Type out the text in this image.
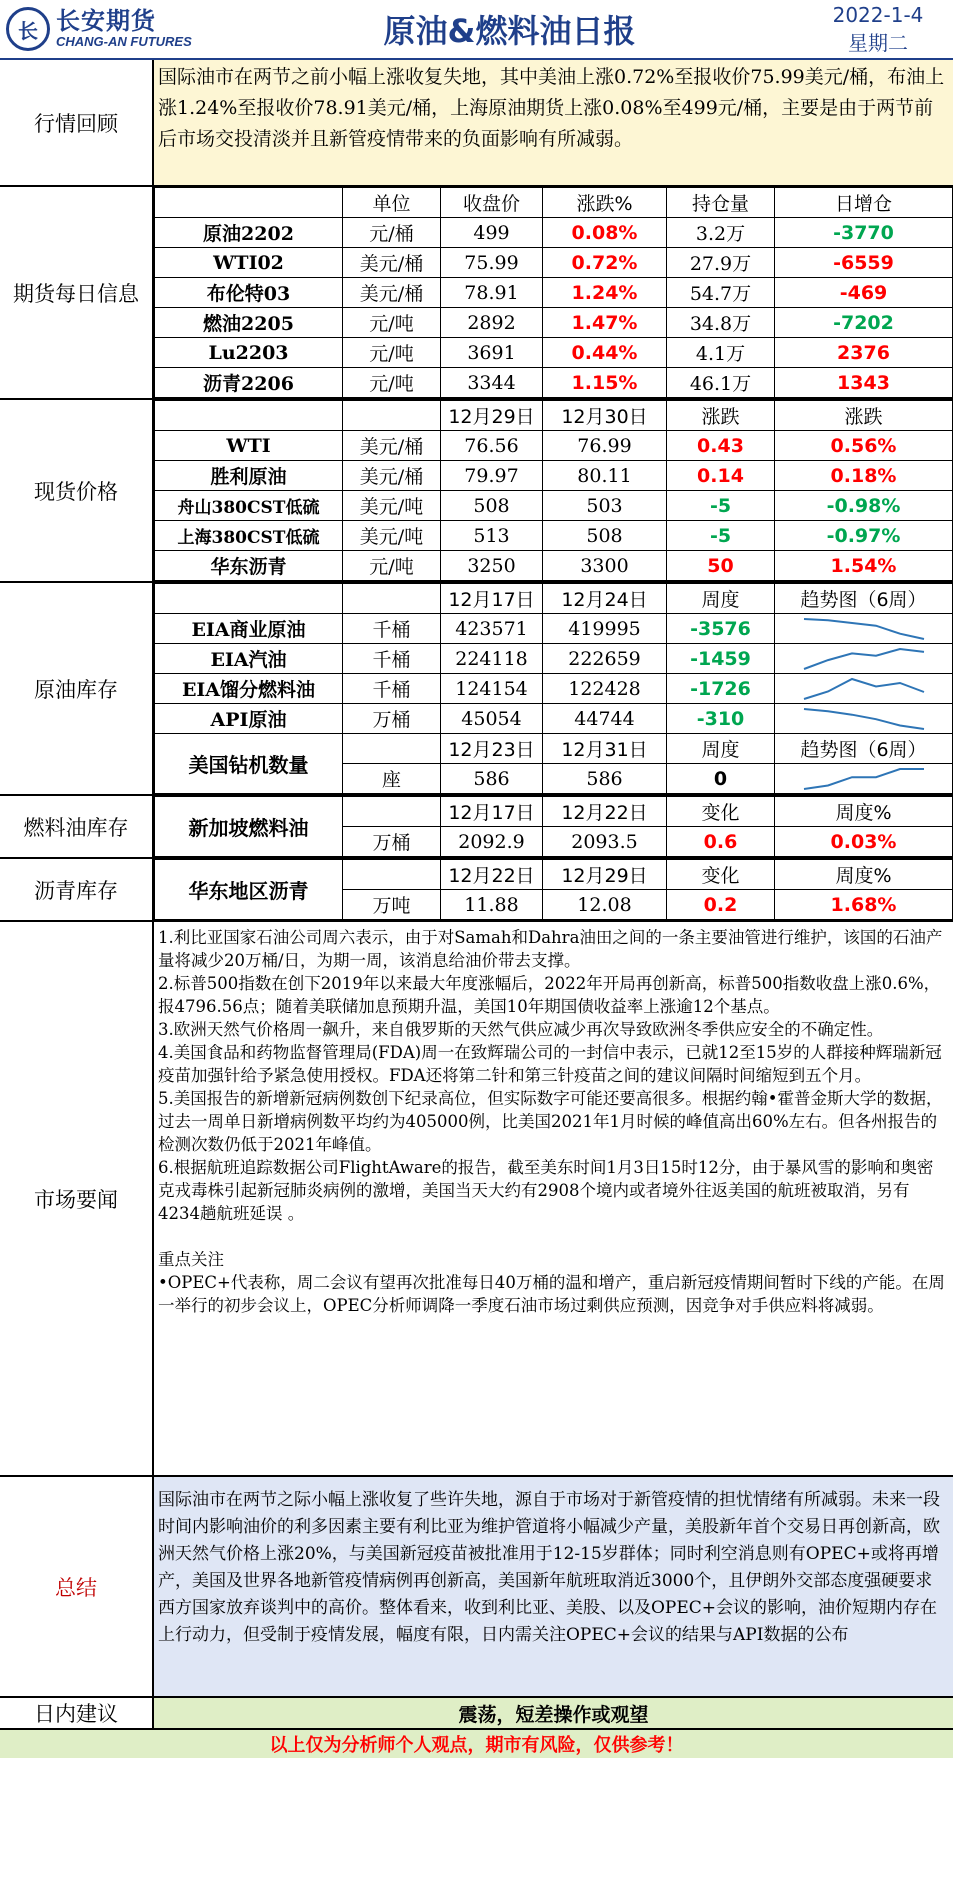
长 长安期货
CHANG-AN FUTURES	原油&燃料油日报	2022-1-4
星期二
行情回顾
国际油市在两节之前小幅上涨收复失地，其中美油上涨0.72%至报收价75.99美元/桶，布油上涨1.24%至报收价78.91美元/桶，上海原油期货上涨0.08%至499元/桶，主要是由于两节前后市场交投清淡并且新管疫情带来的负面影响有所减弱。
期货每日信息
	单位	收盘价	涨跌%	持仓量	日增仓
原油2202	元/桶	499	0.08%	3.2万	-3770
WTI02	美元/桶	75.99	0.72%	27.9万	-6559
布伦特03	美元/桶	78.91	1.24%	54.7万	-469
燃油2205	元/吨	2892	1.47%	34.8万	-7202
Lu2203	元/吨	3691	0.44%	4.1万	2376
沥青2206	元/吨	3344	1.15%	46.1万	1343
现货价格
		12月29日	12月30日	涨跌	涨跌
WTI	美元/桶	76.56	76.99	0.43	0.56%
胜利原油	美元/桶	79.97	80.11	0.14	0.18%
舟山380CST低硫	美元/吨	508	503	-5	-0.98%
上海380CST低硫	美元/吨	513	508	-5	-0.97%
华东沥青	元/吨	3250	3300	50	1.54%
原油库存
		12月17日	12月24日	周度	趋势图（6周）
EIA商业原油	千桶	423571	419995	-3576	

EIA汽油	千桶	224118	222659	-1459	

EIA馏分燃料油	千桶	124154	122428	-1726	

API原油	万桶	45054	44744	-310	

美国钻机数量		12月23日	12月31日	周度	趋势图（6周）
	座	586	586	0	
燃料油库存	新加坡燃料油		12月17日	12月22日	变化	周度%
	万桶	2092.9	2093.5	0.6	0.03%
沥青库存	华东地区沥青		12月22日	12月29日	变化	周度%
	万吨	11.88	12.08	0.2	1.68%
市场要闻

1.利比亚国家石油公司周六表示，由于对Samah和Dahra油田之间的一条主要油管进行维护，该国的石油产量将减少20万桶/日，为期一周，该消息给油价带去支撑。

2.标普500指数在创下2019年以来最大年度涨幅后，2022年开局再创新高，标普500指数收盘上涨0.6%，报4796.56点；随着美联储加息预期升温，美国10年期国债收益率上涨逾12个基点。

3.欧洲天然气价格周一飙升，来自俄罗斯的天然气供应减少再次导致欧洲冬季供应安全的不确定性。

4.美国食品和药物监督管理局(FDA)周一在致辉瑞公司的一封信中表示，已就12至15岁的人群接种辉瑞新冠疫苗加强针给予紧急使用授权。FDA还将第二针和第三针疫苗之间的建议间隔时间缩短到五个月。

5.美国报告的新增新冠病例数创下纪录高位，但实际数字可能还要高很多。根据约翰•霍普金斯大学的数据，过去一周单日新增病例数平均约为405000例，比美国2021年1月时候的峰值高出60%左右。但各州报告的检测次数仍低于2021年峰值。

6.根据航班追踪数据公司FlightAware的报告，截至美东时间1月3日15时12分，由于暴风雪的影响和奥密克戎毒株引起新冠肺炎病例的激增，美国当天大约有2908个境内或者境外往返美国的航班被取消，另有4234趟航班延误 。

重点关注

•OPEC+代表称，周二会议有望再次批准每日40万桶的温和增产，重启新冠疫情期间暂时下线的产能。在周一举行的初步会议上，OPEC分析师调降一季度石油市场过剩供应预测，因竞争对手供应料将减弱。

总结
国际油市在两节之际小幅上涨收复了些许失地，源自于市场对于新管疫情的担忧情绪有所减弱。未来一段时间内影响油价的利多因素主要有利比亚为维护管道将小幅减少产量，美股新年首个交易日再创新高，欧洲天然气价格上涨20%，与美国新冠疫苗被批准用于12-15岁群体；同时利空消息则有OPEC+或将再增产，美国及世界各地新管疫情病例再创新高，美国新年航班取消近3000个，且伊朗外交部态度强硬要求西方国家放弃谈判中的高价。整体看来，收到利比亚、美股、以及OPEC+会议的影响，油价短期内存在上行动力，但受制于疫情发展，幅度有限，日内需关注OPEC+会议的结果与API数据的公布
日内建议	震荡，短差操作或观望
以上仅为分析师个人观点，期市有风险，仅供参考！
